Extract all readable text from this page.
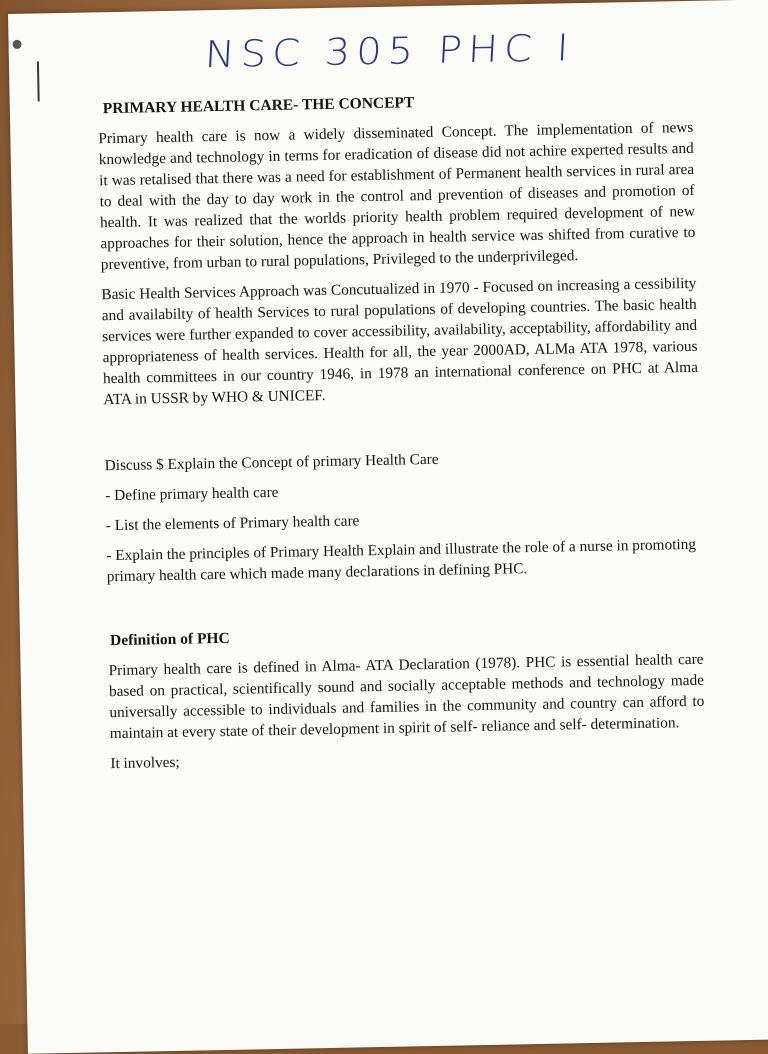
NSC 305 PHC I
PRIMARY HEALTH CARE- THE CONCEPT

Primary health care is now a widely disseminated Concept. The implementation of news knowledge and technology in terms for eradication of disease did not achire experted results and it was retalised that there was a need for establishment of Permanent health services in rural area to deal with the day to day work in the control and prevention of diseases and promotion of health. It was realized that the worlds priority health problem required development of new approaches for their solution, hence the approach in health service was shifted from curative to preventive, from urban to rural populations, Privileged to the underprivileged.

Basic Health Services Approach was Concutualized in 1970 - Focused on increasing a cessibility and availabilty of health Services to rural populations of developing countries. The basic health services were further expanded to cover accessibility, availability, acceptability, affordability and appropriateness of health services. Health for all, the year 2000AD, ALMa ATA 1978, various health committees in our country 1946, in 1978 an international conference on PHC at Alma ATA in USSR by WHO & UNICEF.

Discuss $ Explain the Concept of primary Health Care
- Define primary health care
- List the elements of Primary health care
- Explain the principles of Primary Health Explain and illustrate the role of a nurse in promoting primary health care which made many declarations in defining PHC.
Definition of PHC

Primary health care is defined in Alma- ATA Declaration (1978). PHC is essential health care based on practical, scientifically sound and socially acceptable methods and technology made universally accessible to individuals and families in the community and country can afford to maintain at every state of their development in spirit of self- reliance and self- determination.

It involves;
